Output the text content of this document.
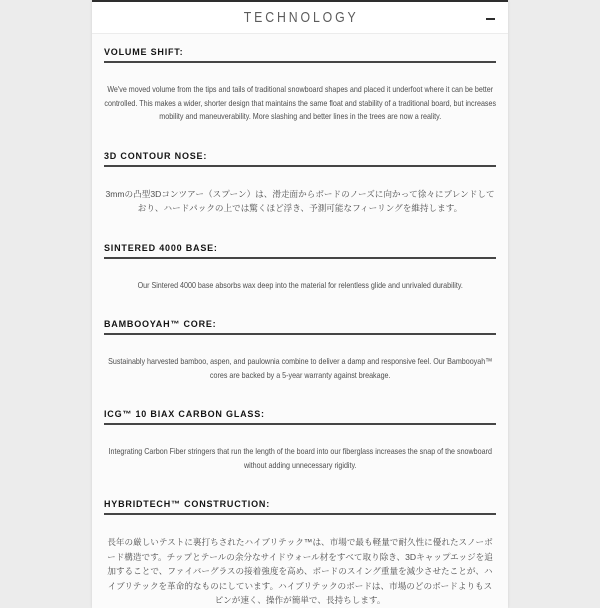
TECHNOLOGY
VOLUME SHIFT:

We've moved volume from the tips and tails of traditional snowboard shapes and placed it underfoot where it can be better controlled. This makes a wider, shorter design that maintains the same float and stability of a traditional board, but increases mobility and maneuverability. More slashing and better lines in the trees are now a reality.

3D CONTOUR NOSE:

3mmの凸型3Dコンツアー（スプーン）は、滑走面からボードのノーズに向かって徐々にブレンドしており、ハードパックの上では驚くほど浮き、予測可能なフィーリングを維持します。

SINTERED 4000 BASE:

Our Sintered 4000 base absorbs wax deep into the material for relentless glide and unrivaled durability.

BAMBOOYAH™ CORE:

Sustainably harvested bamboo, aspen, and paulownia combine to deliver a damp and responsive feel. Our Bambooyah™ cores are backed by a 5-year warranty against breakage.

ICG™ 10 BIAX CARBON GLASS:

Integrating Carbon Fiber stringers that run the length of the board into our fiberglass increases the snap of the snowboard without adding unnecessary rigidity.

HYBRIDTECH™ CONSTRUCTION:

長年の厳しいテストに裏打ちされたハイブリテック™は、市場で最も軽量で耐久性に優れたスノーボード構造です。チップとテールの余分なサイドウォール材をすべて取り除き、3Dキャップエッジを追加することで、ファイバーグラスの接着強度を高め、ボードのスイング重量を減少させたことが、ハイブリテックを革命的なものにしています。ハイブリテックのボードは、市場のどのボードよりもスピンが速く、操作が簡単で、長持ちします。
